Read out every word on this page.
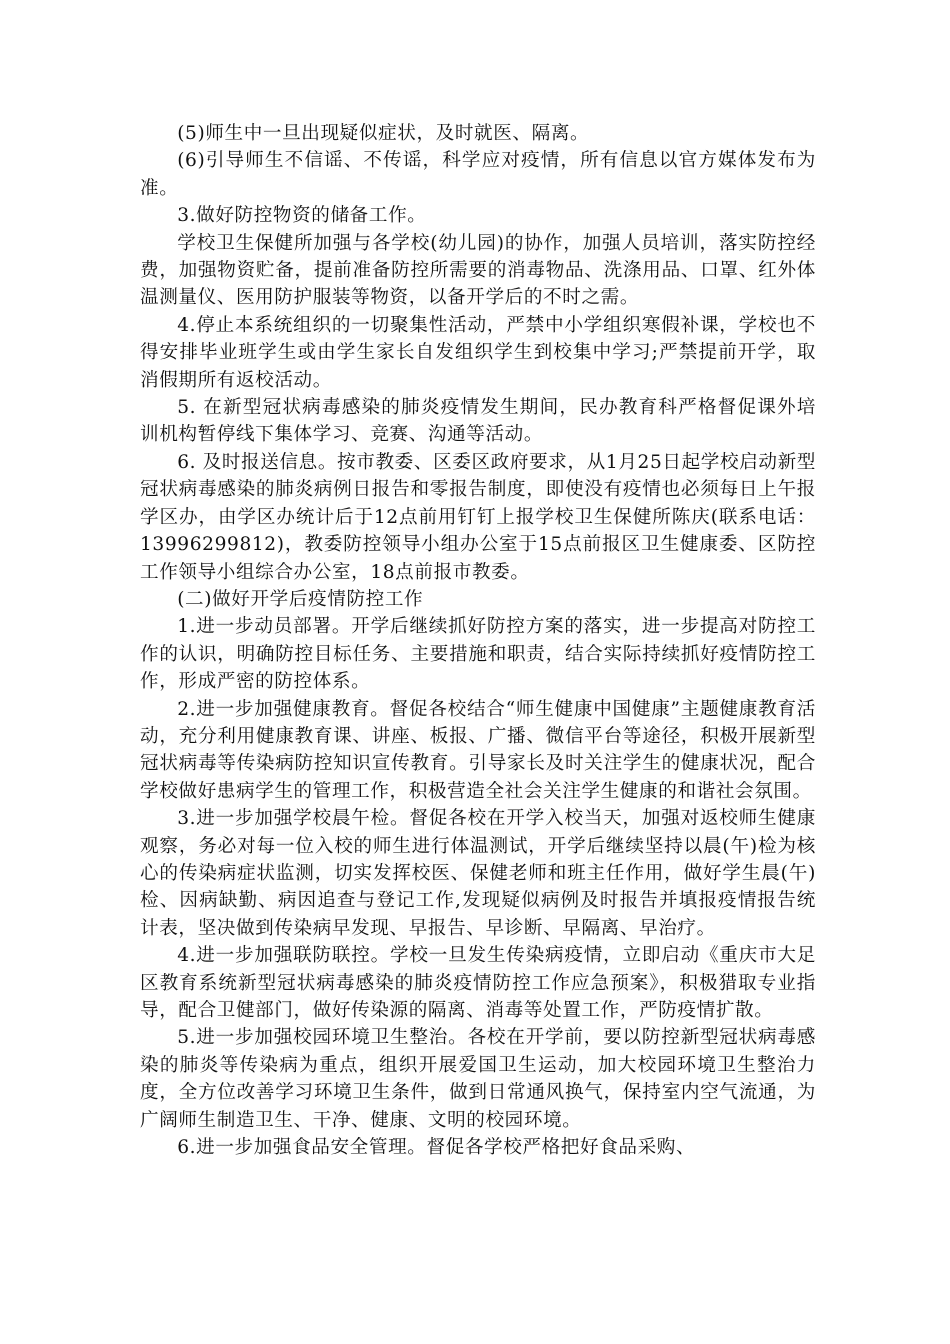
(5)师生中一旦出现疑似症状，及时就医、隔离。

(6)引导师生不信谣、不传谣，科学应对疫情，所有信息以官方媒体发布为准。

3.做好防控物资的储备工作。

学校卫生保健所加强与各学校(幼儿园)的协作，加强人员培训，落实防控经费，加强物资贮备，提前准备防控所需要的消毒物品、洗涤用品、口罩、红外体温测量仪、医用防护服装等物资，以备开学后的不时之需。

4.停止本系统组织的一切聚集性活动，严禁中小学组织寒假补课，学校也不得安排毕业班学生或由学生家长自发组织学生到校集中学习;严禁提前开学，取消假期所有返校活动。

5. 在新型冠状病毒感染的肺炎疫情发生期间，民办教育科严格督促课外培训机构暂停线下集体学习、竞赛、沟通等活动。

6. 及时报送信息。按市教委、区委区政府要求，从1月25日起学校启动新型冠状病毒感染的肺炎病例日报告和零报告制度，即使没有疫情也必须每日上午报学区办，由学区办统计后于12点前用钉钉上报学校卫生保健所陈庆(联系电话：13996299812)，教委防控领导小组办公室于15点前报区卫生健康委、区防控工作领导小组综合办公室，18点前报市教委。

(二)做好开学后疫情防控工作

1.进一步动员部署。开学后继续抓好防控方案的落实，进一步提高对防控工作的认识，明确防控目标任务、主要措施和职责，结合实际持续抓好疫情防控工作，形成严密的防控体系。

2.进一步加强健康教育。督促各校结合“师生健康中国健康”主题健康教育活动，充分利用健康教育课、讲座、板报、广播、微信平台等途径，积极开展新型冠状病毒等传染病防控知识宣传教育。引导家长及时关注学生的健康状况，配合学校做好患病学生的管理工作，积极营造全社会关注学生健康的和谐社会氛围。

3.进一步加强学校晨午检。督促各校在开学入校当天，加强对返校师生健康观察，务必对每一位入校的师生进行体温测试，开学后继续坚持以晨(午)检为核心的传染病症状监测，切实发挥校医、保健老师和班主任作用，做好学生晨(午)检、因病缺勤、病因追查与登记工作,发现疑似病例及时报告并填报疫情报告统计表，坚决做到传染病早发现、早报告、早诊断、早隔离、早治疗。

4.进一步加强联防联控。学校一旦发生传染病疫情，立即启动《重庆市大足区教育系统新型冠状病毒感染的肺炎疫情防控工作应急预案》，积极猎取专业指导，配合卫健部门，做好传染源的隔离、消毒等处置工作，严防疫情扩散。

5.进一步加强校园环境卫生整治。各校在开学前，要以防控新型冠状病毒感染的肺炎等传染病为重点，组织开展爱国卫生运动，加大校园环境卫生整治力度，全方位改善学习环境卫生条件，做到日常通风换气，保持室内空气流通，为广阔师生制造卫生、干净、健康、文明的校园环境。

6.进一步加强食品安全管理。督促各学校严格把好食品采购、
